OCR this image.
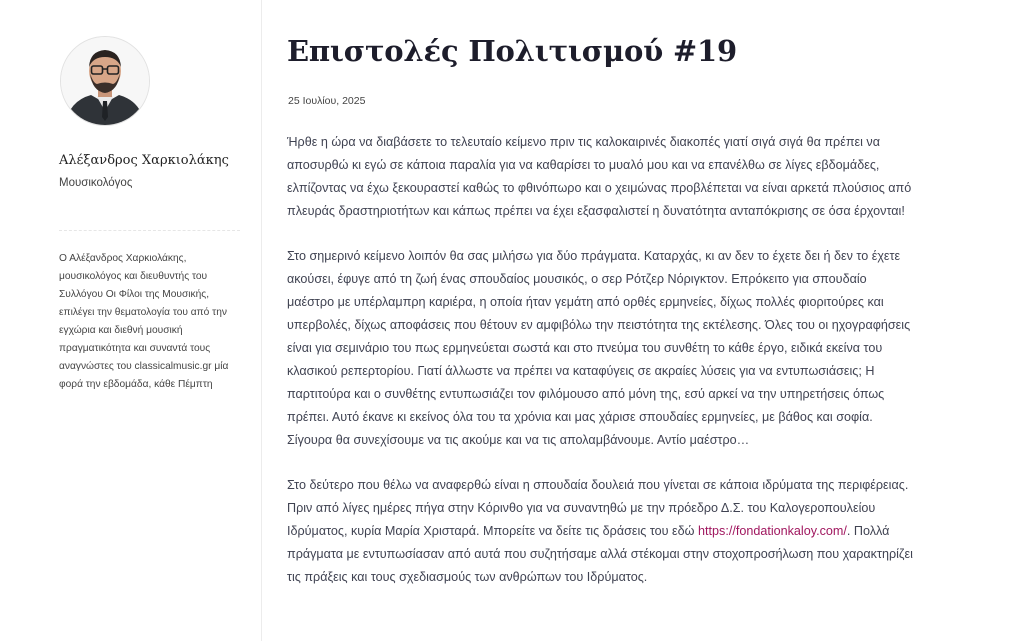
Αλέξανδρος Χαρκιολάκης
Μουσικολόγος
Ο Αλέξανδρος Χαρκιολάκης, μουσικολόγος και διευθυντής του Συλλόγου Οι Φίλοι της Μουσικής, επιλέγει την θεματολογία του από την εγχώρια και διεθνή μουσική πραγματικότητα και συναντά τους αναγνώστες του classicalmusic.gr μία φορά την εβδομάδα, κάθε Πέμπτη
Επιστολές Πολιτισμού #19
25 Ιουλίου, 2025

Ήρθε η ώρα να διαβάσετε το τελευταίο κείμενο πριν τις καλοκαιρινές διακοπές γιατί σιγά σιγά θα πρέπει να αποσυρθώ κι εγώ σε κάποια παραλία για να καθαρίσει το μυαλό μου και να επανέλθω σε λίγες εβδομάδες, ελπίζοντας να έχω ξεκουραστεί καθώς το φθινόπωρο και ο χειμώνας προβλέπεται να είναι αρκετά πλούσιος από πλευράς δραστηριοτήτων και κάπως πρέπει να έχει εξασφαλιστεί η δυνατότητα ανταπόκρισης σε όσα έρχονται!

Στο σημερινό κείμενο λοιπόν θα σας μιλήσω για δύο πράγματα. Καταρχάς, κι αν δεν το έχετε δει ή δεν το έχετε ακούσει, έφυγε από τη ζωή ένας σπουδαίος μουσικός, ο σερ Ρότζερ Νόριγκτον. Επρόκειτο για σπουδαίο μαέστρο με υπέρλαμπρη καριέρα, η οποία ήταν γεμάτη από ορθές ερμηνείες, δίχως πολλές φιοριτούρες και υπερβολές, δίχως αποφάσεις που θέτουν εν αμφιβόλω την πειστότητα της εκτέλεσης. Όλες του οι ηχογραφήσεις είναι για σεμινάριο του πως ερμηνεύεται σωστά και στο πνεύμα του συνθέτη το κάθε έργο, ειδικά εκείνα του κλασικού ρεπερτορίου. Γιατί άλλωστε να πρέπει να καταφύγεις σε ακραίες λύσεις για να εντυπωσιάσεις; Η παρτιτούρα και ο συνθέτης εντυπωσιάζει τον φιλόμουσο από μόνη της, εσύ αρκεί να την υπηρετήσεις όπως πρέπει. Αυτό έκανε κι εκείνος όλα του τα χρόνια και μας χάρισε σπουδαίες ερμηνείες, με βάθος και σοφία. Σίγουρα θα συνεχίσουμε να τις ακούμε και να τις απολαμβάνουμε. Αντίο μαέστρο…

Στο δεύτερο που θέλω να αναφερθώ είναι η σπουδαία δουλειά που γίνεται σε κάποια ιδρύματα της περιφέρειας. Πριν από λίγες ημέρες πήγα στην Κόρινθο για να συναντηθώ με την πρόεδρο Δ.Σ. του Καλογεροπουλείου Ιδρύματος, κυρία Μαρία Χρισταρά. Μπορείτε να δείτε τις δράσεις του εδώ https://fondationkaloy.com/. Πολλά πράγματα με εντυπωσίασαν από αυτά που συζητήσαμε αλλά στέκομαι στην στοχοπροσήλωση που χαρακτηρίζει τις πράξεις και τους σχεδιασμούς των ανθρώπων του Ιδρύματος.
